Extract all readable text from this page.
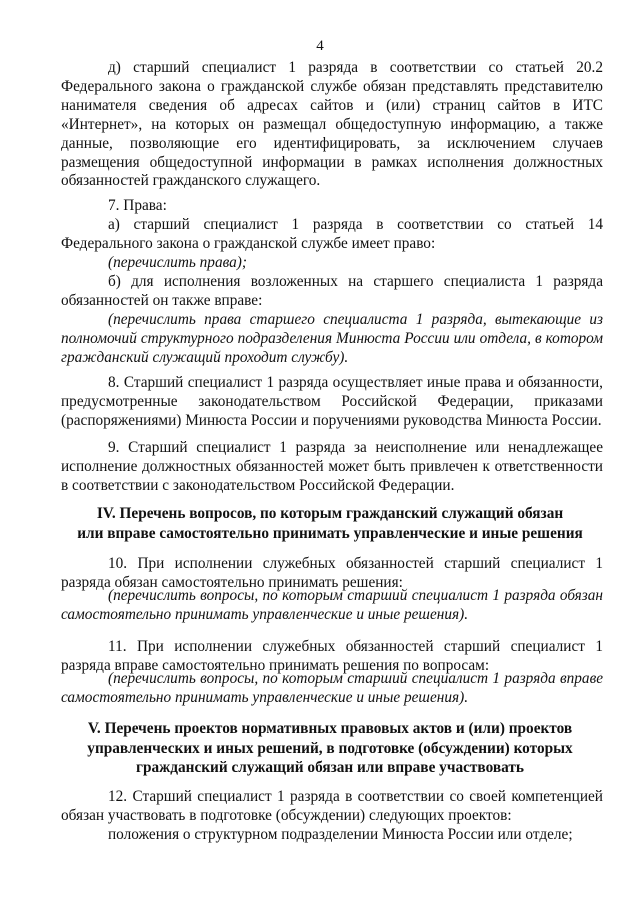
4

д) старший специалист 1 разряда в соответствии со статьей 20.2 Федерального закона о гражданской службе обязан представлять представителю нанимателя сведения об адресах сайтов и (или) страниц сайтов в ИТС «Интернет», на которых он размещал общедоступную информацию, а также данные, позволяющие его идентифицировать, за исключением случаев размещения общедоступной информации в рамках исполнения должностных обязанностей гражданского служащего.

7. Права:

а) старший специалист 1 разряда в соответствии со статьей 14 Федерального закона о гражданской службе имеет право:

(перечислить права);

б) для исполнения возложенных на старшего специалиста 1 разряда обязанностей он также вправе:

(перечислить права старшего специалиста 1 разряда, вытекающие из полномочий структурного подразделения Минюста России или отдела, в котором гражданский служащий проходит службу).

8. Старший специалист 1 разряда осуществляет иные права и обязанности, предусмотренные законодательством Российской Федерации, приказами (распоряжениями) Минюста России и поручениями руководства Минюста России.

9. Старший специалист 1 разряда за неисполнение или ненадлежащее исполнение должностных обязанностей может быть привлечен к ответственности в соответствии с законодательством Российской Федерации.

IV. Перечень вопросов, по которым гражданский служащий обязан
или вправе самостоятельно принимать управленческие и иные решения

10. При исполнении служебных обязанностей старший специалист 1 разряда обязан самостоятельно принимать решения:

(перечислить вопросы, по которым старший специалист 1 разряда обязан самостоятельно принимать управленческие и иные решения).

11. При исполнении служебных обязанностей старший специалист 1 разряда вправе самостоятельно принимать решения по вопросам:

(перечислить вопросы, по которым старший специалист 1 разряда вправе самостоятельно принимать управленческие и иные решения).

V. Перечень проектов нормативных правовых актов и (или) проектов
управленческих и иных решений, в подготовке (обсуждении) которых
гражданский служащий обязан или вправе участвовать

12. Старший специалист 1 разряда в соответствии со своей компетенцией обязан участвовать в подготовке (обсуждении) следующих проектов:

положения о структурном подразделении Минюста России или отделе;
